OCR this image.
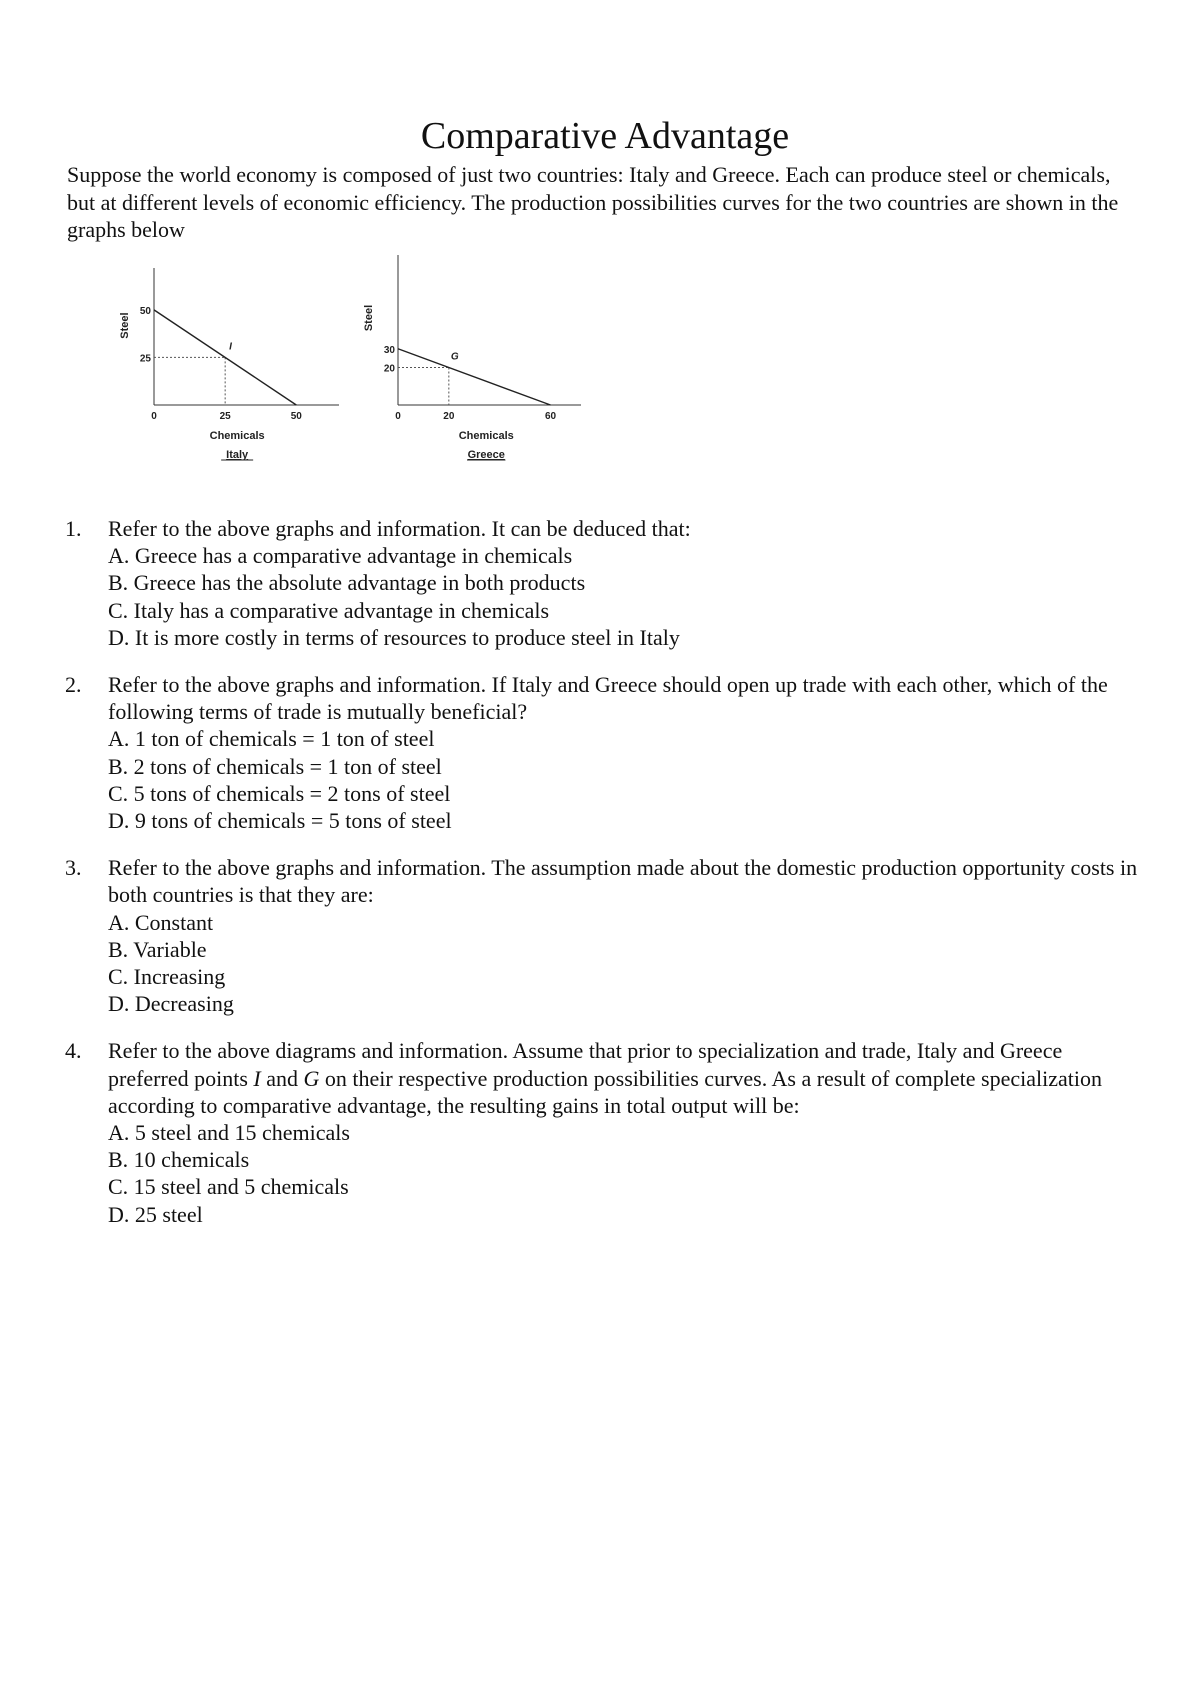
Comparative Advantage
Suppose the world economy is composed of just two countries: Italy and Greece. Each can produce steel or chemicals, but at different levels of economic efficiency. The production possibilities curves for the two countries are shown in the graphs below
I
50
25
0	25	50
Chemicals
Steel
Italy
G
30
20
0	20	60
Chemicals
Steel
Greece
1. Refer to the above graphs and information. It can be deduced that:
A. Greece has a comparative advantage in chemicals
B. Greece has the absolute advantage in both products
C. Italy has a comparative advantage in chemicals
D. It is more costly in terms of resources to produce steel in Italy
2. Refer to the above graphs and information. If Italy and Greece should open up trade with each other, which of the following terms of trade is mutually beneficial?
A. 1 ton of chemicals = 1 ton of steel
B. 2 tons of chemicals = 1 ton of steel
C. 5 tons of chemicals = 2 tons of steel
D. 9 tons of chemicals = 5 tons of steel
3. Refer to the above graphs and information. The assumption made about the domestic production opportunity costs in both countries is that they are:
A. Constant
B. Variable
C. Increasing
D. Decreasing
4. Refer to the above diagrams and information. Assume that prior to specialization and trade, Italy and Greece preferred points I and G on their respective production possibilities curves. As a result of complete specialization according to comparative advantage, the resulting gains in total output will be:
A. 5 steel and 15 chemicals
B. 10 chemicals
C. 15 steel and 5 chemicals
D. 25 steel
